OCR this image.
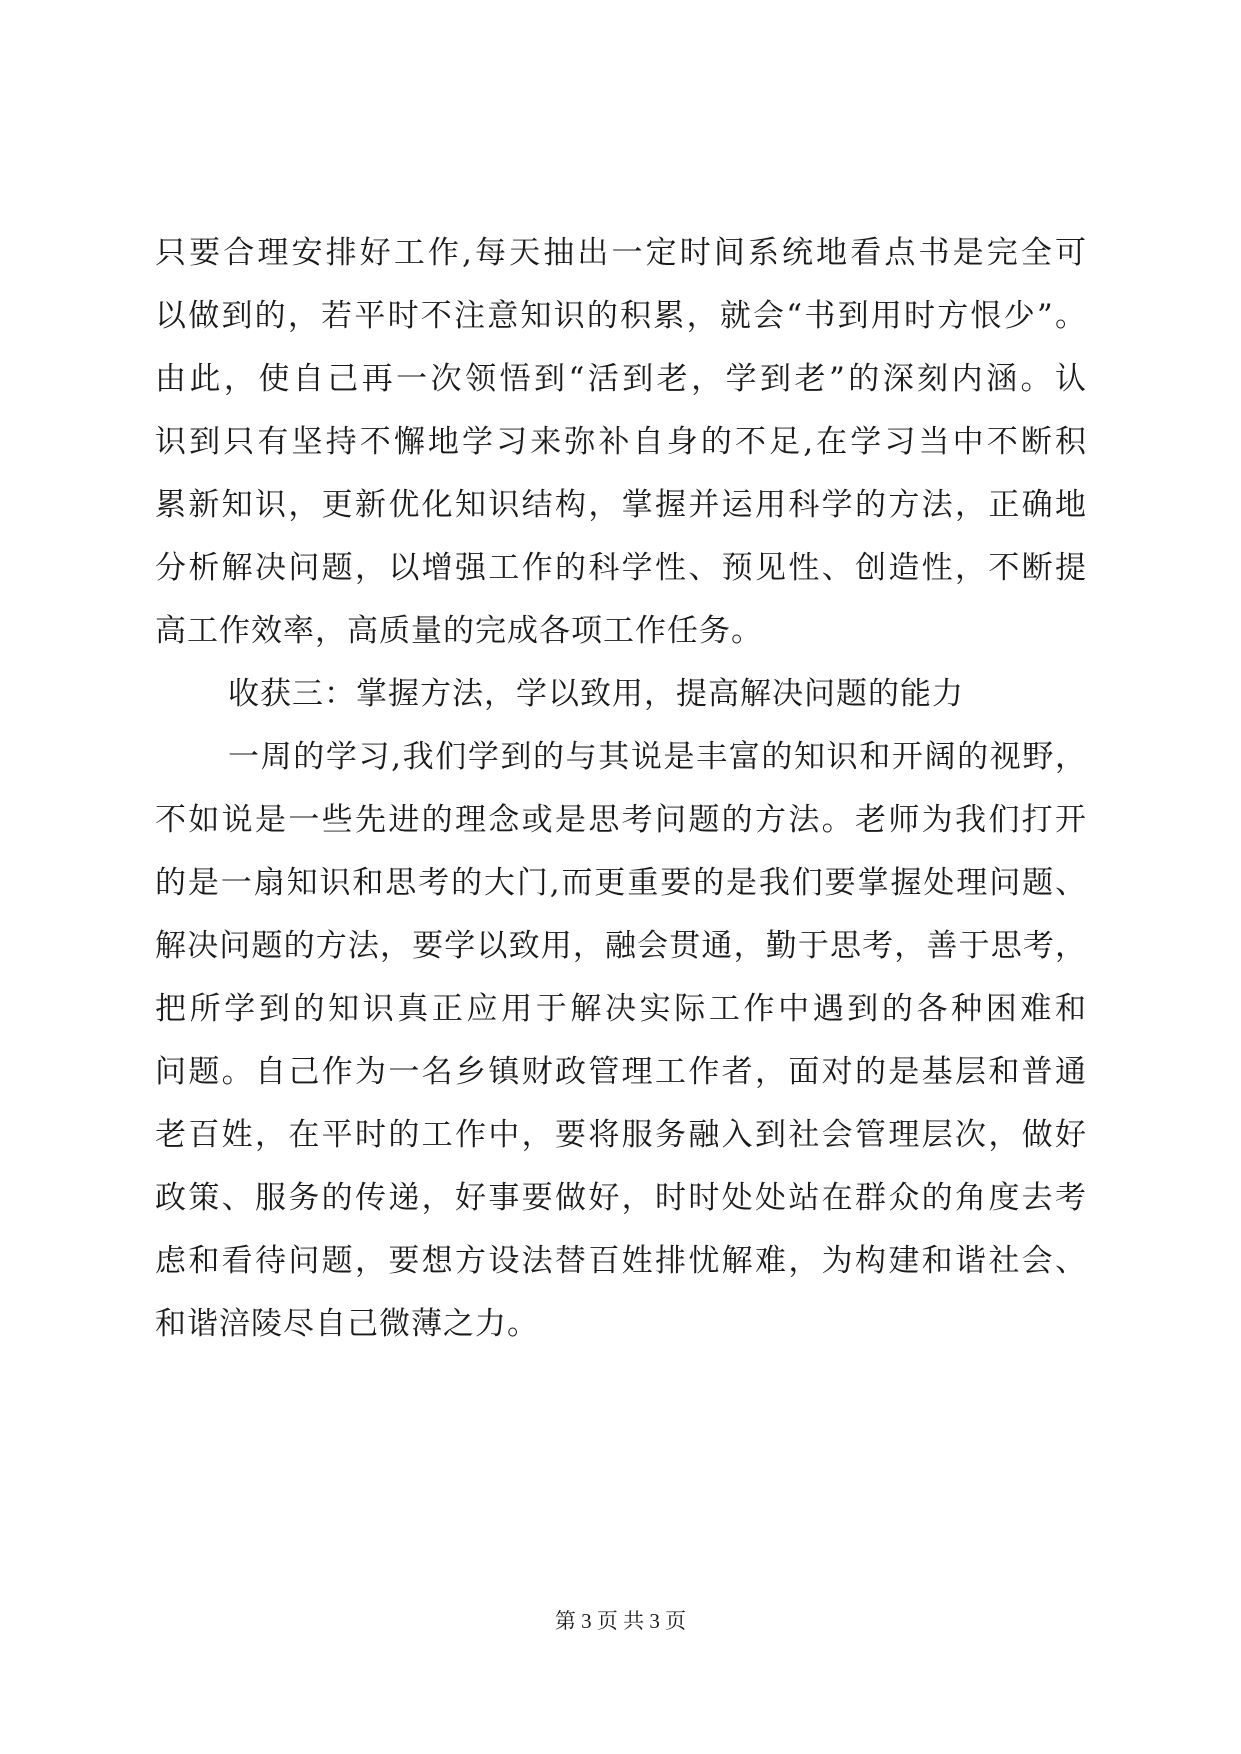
只要合理安排好工作,每天抽出一定时间系统地看点书是完全可
以做到的，若平时不注意知识的积累，就会“书到用时方恨少”。
由此，使自己再一次领悟到“活到老，学到老”的深刻内涵。认
识到只有坚持不懈地学习来弥补自身的不足,在学习当中不断积
累新知识，更新优化知识结构，掌握并运用科学的方法，正确地
分析解决问题，以增强工作的科学性、预见性、创造性，不断提
高工作效率，高质量的完成各项工作任务。
收获三：掌握方法，学以致用，提高解决问题的能力
一周的学习,我们学到的与其说是丰富的知识和开阔的视野，
不如说是一些先进的理念或是思考问题的方法。老师为我们打开
的是一扇知识和思考的大门,而更重要的是我们要掌握处理问题、
解决问题的方法，要学以致用，融会贯通，勤于思考，善于思考，
把所学到的知识真正应用于解决实际工作中遇到的各种困难和
问题。自己作为一名乡镇财政管理工作者，面对的是基层和普通
老百姓，在平时的工作中，要将服务融入到社会管理层次，做好
政策、服务的传递，好事要做好，时时处处站在群众的角度去考
虑和看待问题，要想方设法替百姓排忧解难，为构建和谐社会、
和谐涪陵尽自己微薄之力。
第 3 页 共 3 页
